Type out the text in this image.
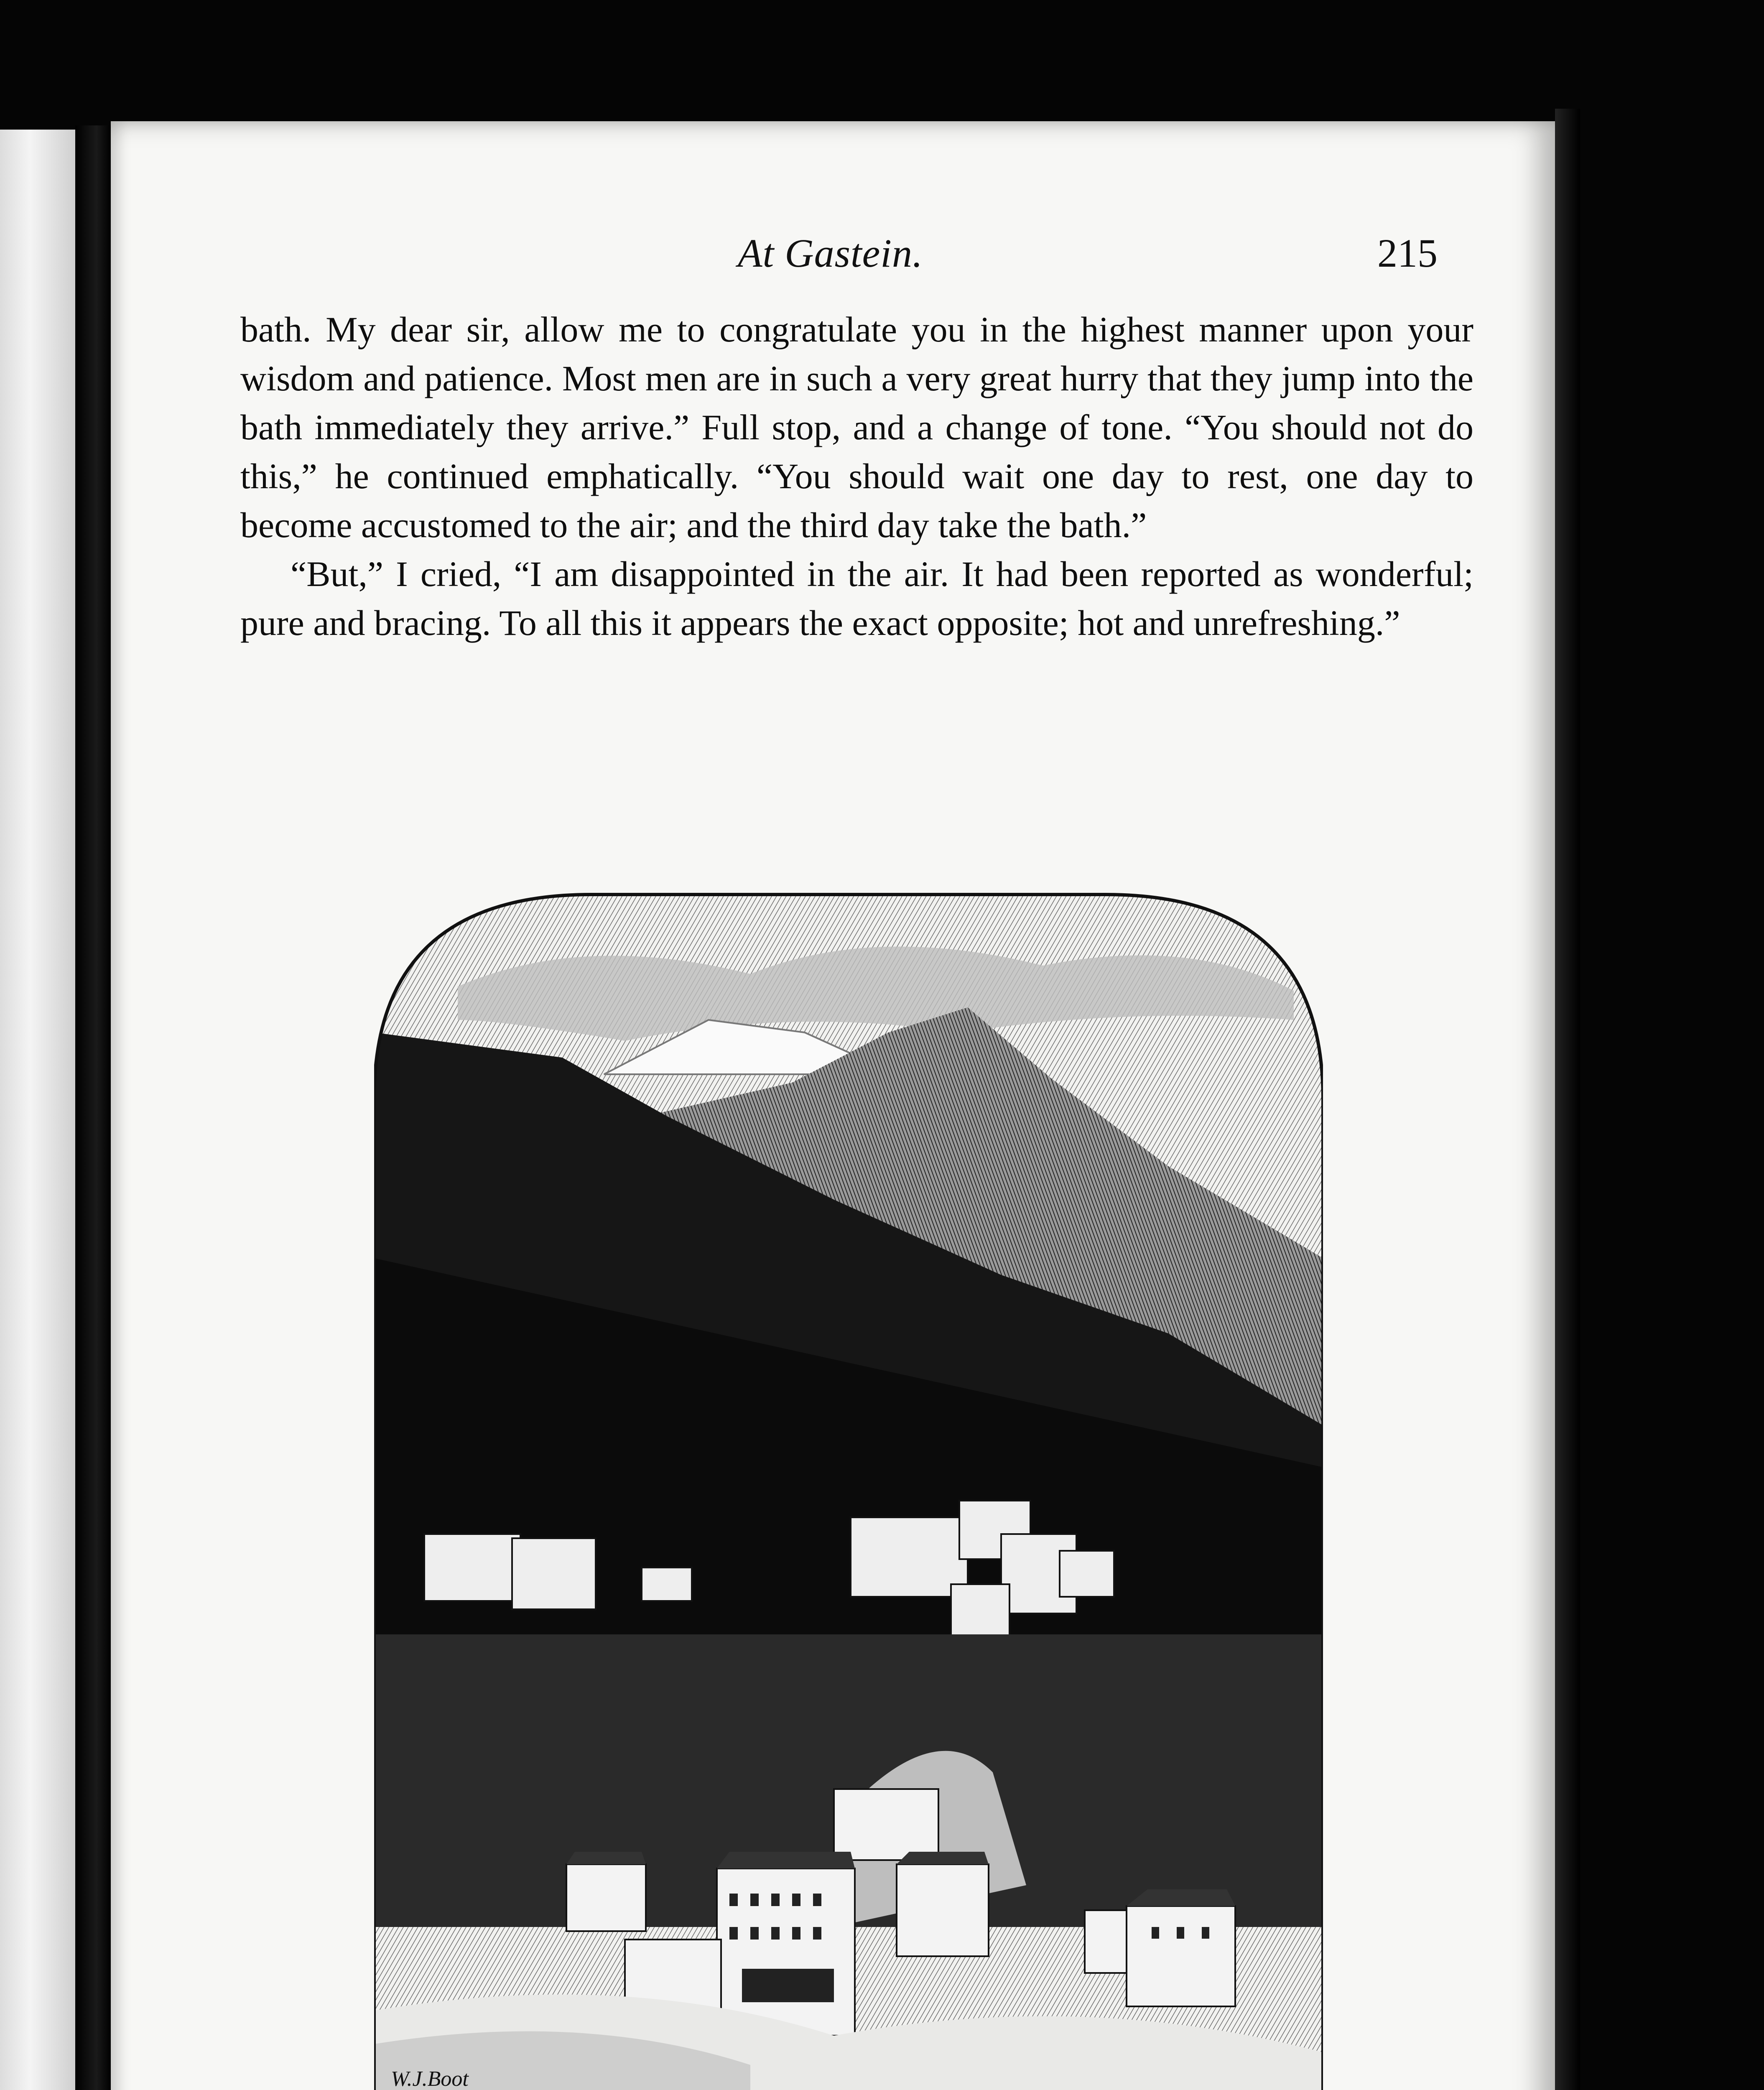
At Gastein.	215

bath. My dear sir, allow me to congratulate you in the highest manner upon your wisdom and patience. Most men are in such a very great hurry that they jump into the bath immediately they arrive.” Full stop, and a change of tone. “You should not do this,” he continued emphatically. “You should wait one day to rest, one day to become accustomed to the air; and the third day take the bath.”

“But,” I cried, “I am disappointed in the air. It had been reported as wonderful; pure and bracing. To all this it appears the exact opposite; hot and unrefreshing.”

W.J.Boot
